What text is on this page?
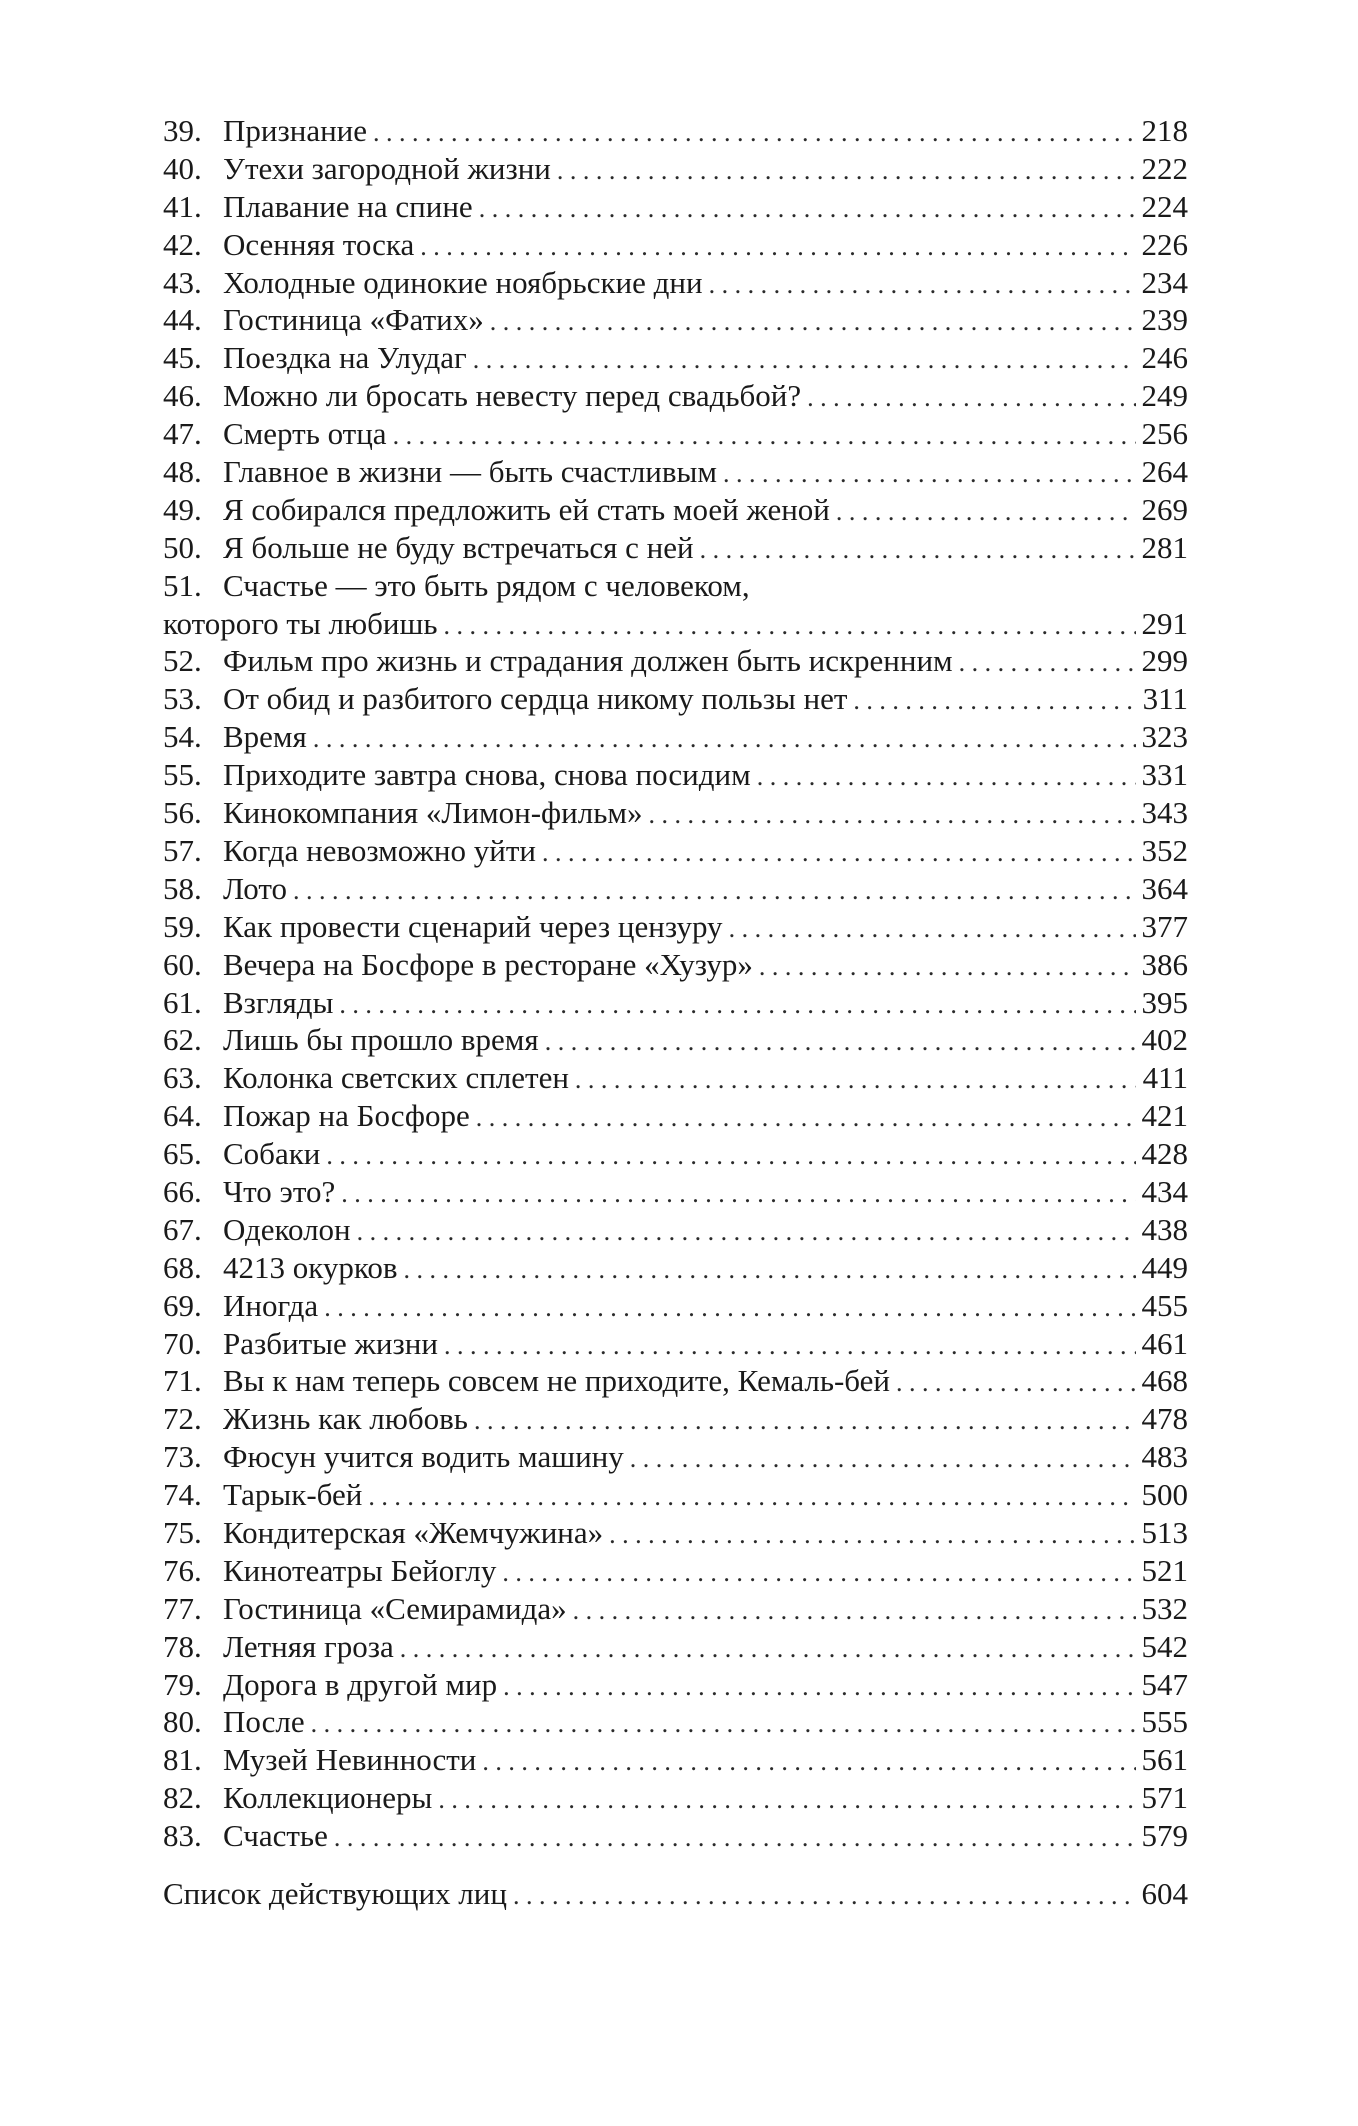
39. Признание . . .	218
40. Утехи загородной жизни . . .	222
41. Плавание на спине . . .	224
42. Осенняя тоска . . .	226
43. Холодные одинокие ноябрьские дни . . .	234
44. Гостиница «Фатих» . . .	239
45. Поездка на Улудаг . . .	246
46. Можно ли бросать невесту перед свадьбой? . . .	249
47. Смерть отца . . .	256
48. Главное в жизни — быть счастливым . . .	264
49. Я собирался предложить ей стать моей женой . . .	269
50. Я больше не буду встречаться с ней . . .	281
51. Счастье — это быть рядом с человеком,
которого ты любишь . . .	291
52. Фильм про жизнь и страдания должен быть искренним . . .	299
53. От обид и разбитого сердца никому пользы нет . . .	311
54. Время . . .	323
55. Приходите завтра снова, снова посидим . . .	331
56. Кинокомпания «Лимон-фильм» . . .	343
57. Когда невозможно уйти . . .	352
58. Лото . . .	364
59. Как провести сценарий через цензуру . . .	377
60. Вечера на Босфоре в ресторане «Хузур» . . .	386
61. Взгляды . . .	395
62. Лишь бы прошло время . . .	402
63. Колонка светских сплетен . . .	411
64. Пожар на Босфоре . . .	421
65. Собаки . . .	428
66. Что это? . . .	434
67. Одеколон . . .	438
68. 4213 окурков . . .	449
69. Иногда . . .	455
70. Разбитые жизни . . .	461
71. Вы к нам теперь совсем не приходите, Кемаль-бей . . .	468
72. Жизнь как любовь . . .	478
73. Фюсун учится водить машину . . .	483
74. Тарык-бей . . .	500
75. Кондитерская «Жемчужина» . . .	513
76. Кинотеатры Бейоглу . . .	521
77. Гостиница «Семирамида» . . .	532
78. Летняя гроза . . .	542
79. Дорога в другой мир . . .	547
80. После . . .	555
81. Музей Невинности . . .	561
82. Коллекционеры . . .	571
83. Счастье . . .	579
Список действующих лиц . . .	604
